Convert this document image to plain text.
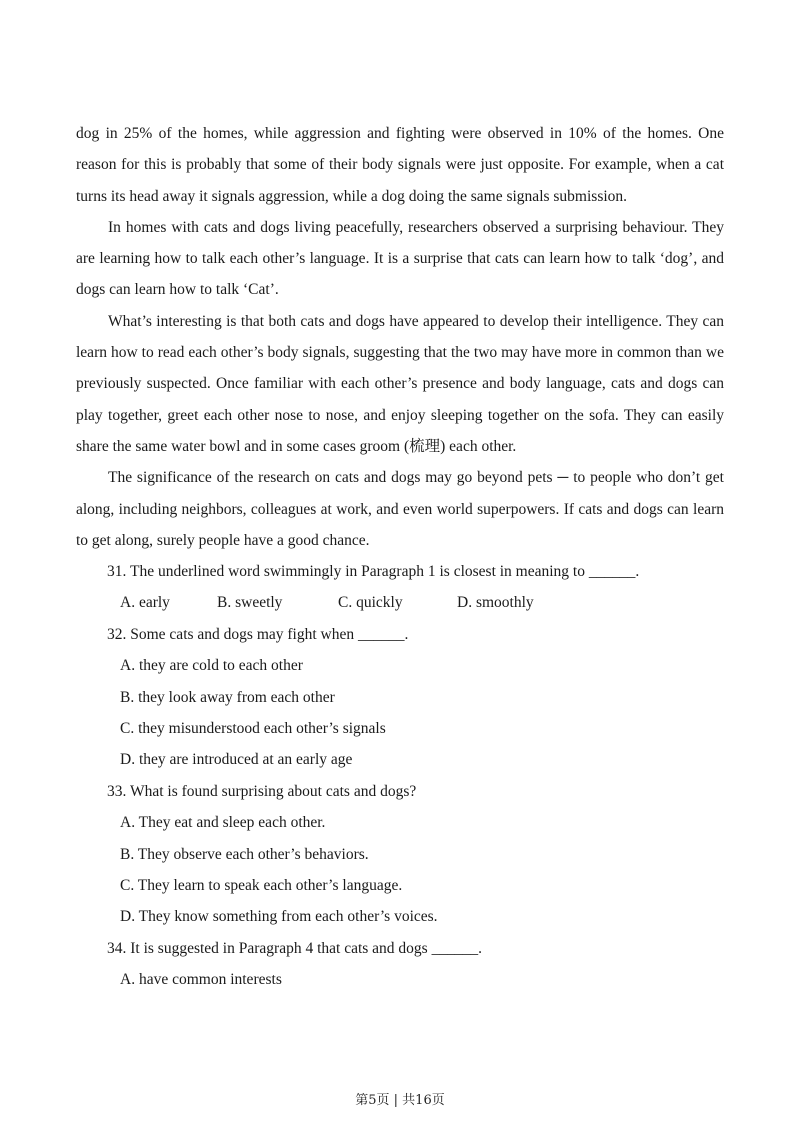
dog in 25% of the homes, while aggression and fighting were observed in 10% of the homes. One reason for this is probably that some of their body signals were just opposite. For example, when a cat turns its head away it signals aggression, while a dog doing the same signals submission.

In homes with cats and dogs living peacefully, researchers observed a surprising behaviour. They are learning how to talk each other’s language. It is a surprise that cats can learn how to talk ‘dog’, and dogs can learn how to talk ‘Cat’.

What’s interesting is that both cats and dogs have appeared to develop their intelligence. They can learn how to read each other’s body signals, suggesting that the two may have more in common than we previously suspected. Once familiar with each other’s presence and body language, cats and dogs can play together, greet each other nose to nose, and enjoy sleeping together on the sofa. They can easily share the same water bowl and in some cases groom (梳理) each other.

The significance of the research on cats and dogs may go beyond pets ─ to people who don’t get along, including neighbors, colleagues at work, and even world superpowers. If cats and dogs can learn to get along, surely people have a good chance.

31. The underlined word swimmingly in Paragraph 1 is closest in meaning to ______.

A. early	B. sweetly	C. quickly	D. smoothly

32. Some cats and dogs may fight when ______.

A. they are cold to each other

B. they look away from each other

C. they misunderstood each other’s signals

D. they are introduced at an early age

33. What is found surprising about cats and dogs?

A. They eat and sleep each other.

B. They observe each other’s behaviors.

C. They learn to speak each other’s language.

D. They know something from each other’s voices.

34. It is suggested in Paragraph 4 that cats and dogs ______.

A. have common interests

第5页 | 共16页
